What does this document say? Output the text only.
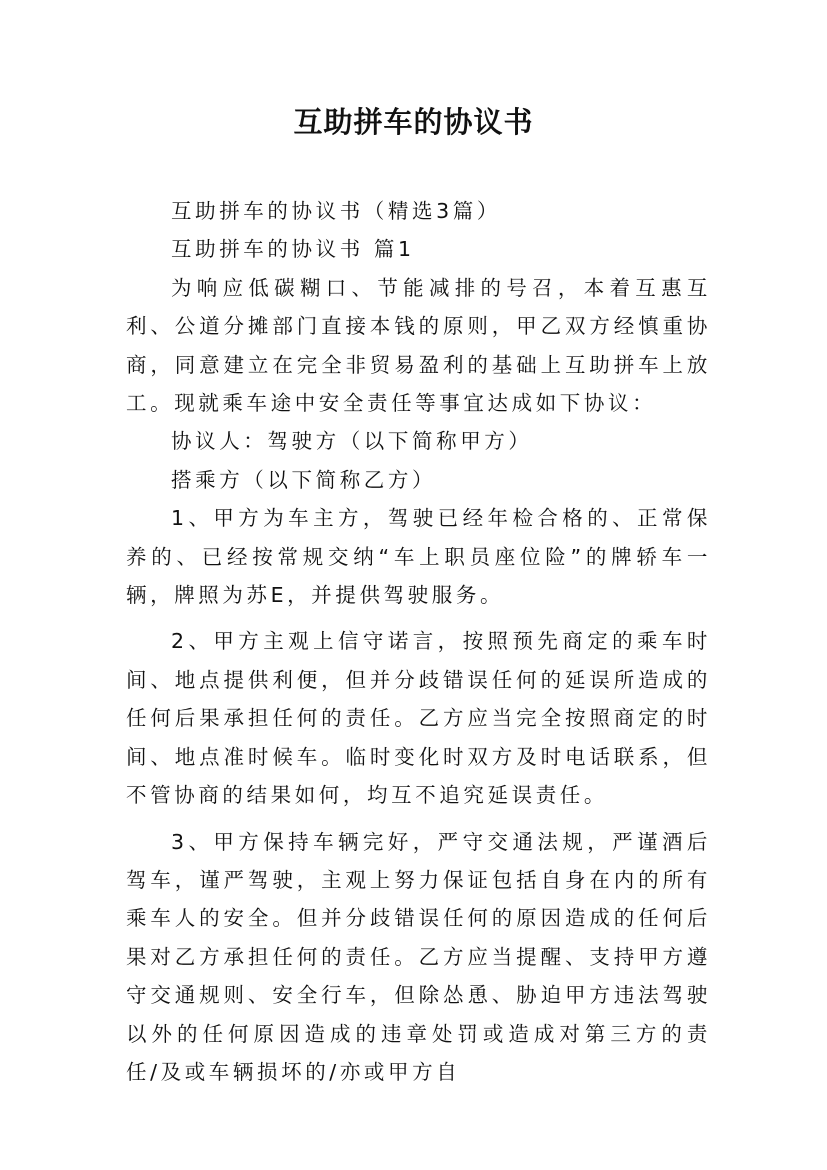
互助拼车的协议书

互助拼车的协议书（精选3篇）

互助拼车的协议书 篇1

为响应低碳糊口、节能减排的号召，本着互惠互利、公道分摊部门直接本钱的原则，甲乙双方经慎重协商，同意建立在完全非贸易盈利的基础上互助拼车上放工。现就乘车途中安全责任等事宜达成如下协议：

协议人：驾驶方（以下简称甲方）

搭乘方（以下简称乙方）

1、甲方为车主方，驾驶已经年检合格的、正常保养的、已经按常规交纳“车上职员座位险”的牌轿车一辆，牌照为苏E，并提供驾驶服务。

2、甲方主观上信守诺言，按照预先商定的乘车时间、地点提供利便，但并分歧错误任何的延误所造成的任何后果承担任何的责任。乙方应当完全按照商定的时间、地点准时候车。临时变化时双方及时电话联系，但不管协商的结果如何，均互不追究延误责任。

3、甲方保持车辆完好，严守交通法规，严谨酒后驾车，谨严驾驶，主观上努力保证包括自身在内的所有乘车人的安全。但并分歧错误任何的原因造成的任何后果对乙方承担任何的责任。乙方应当提醒、支持甲方遵守交通规则、安全行车，但除怂恿、胁迫甲方违法驾驶以外的任何原因造成的违章处罚或造成对第三方的责任/及或车辆损坏的/亦或甲方自
